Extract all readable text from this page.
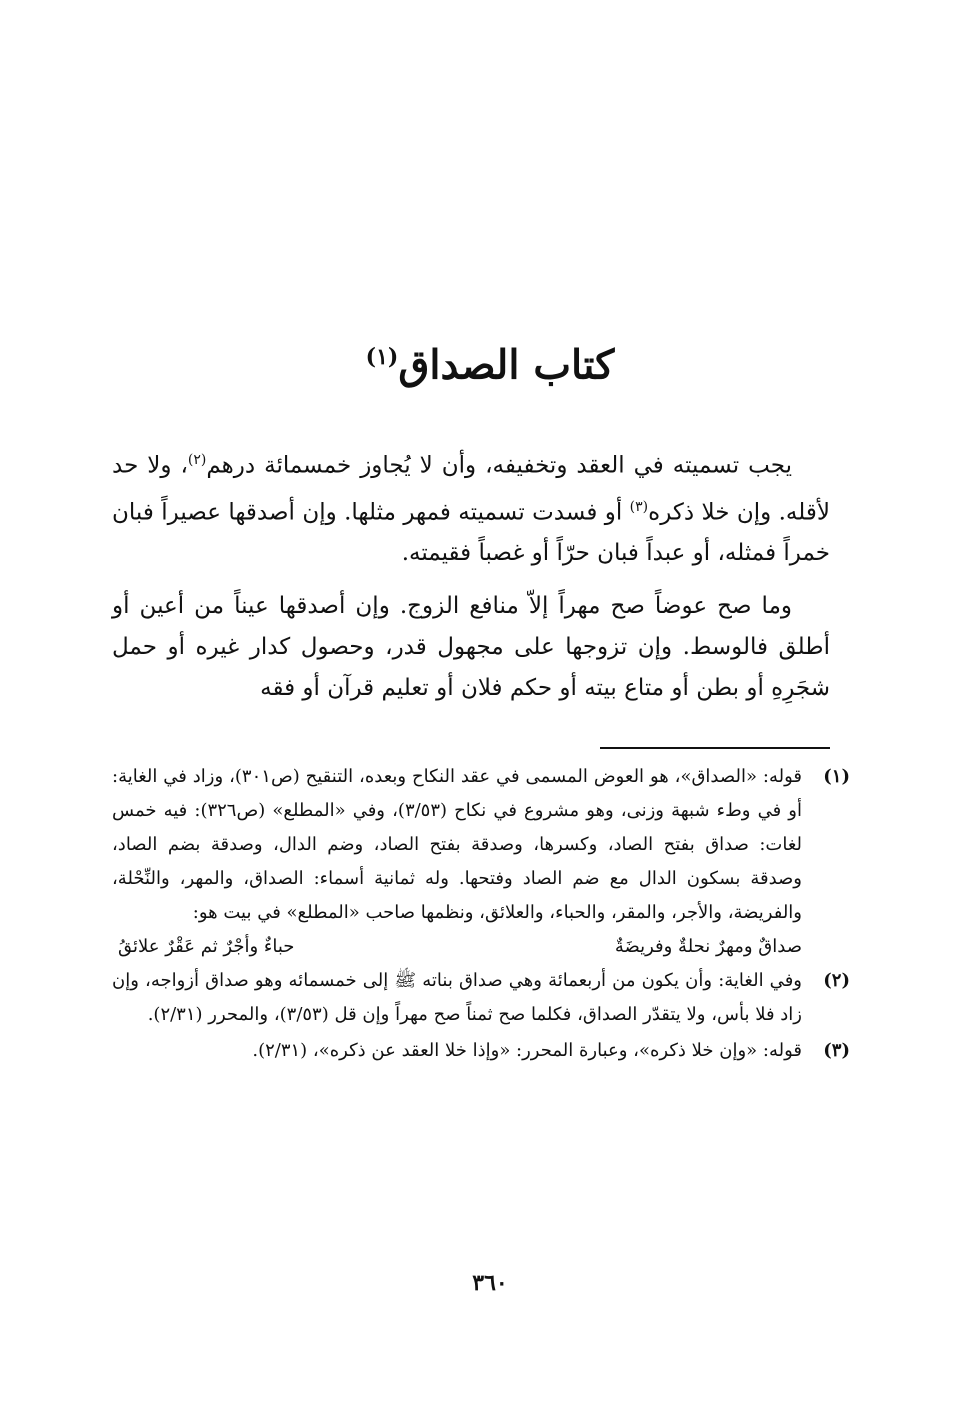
كتاب الصداق$^{(١)}$

يجب تسميته في العقد وتخفيفه، وأن لا يُجاوز خمسمائة درهم$^{(٢)}$، ولا حد لأقله. وإن خلا ذكره$^{(٣)}$ أو فسدت تسميته فمهر مثلها. وإن أصدقها عصيراً فبان خمراً فمثله، أو عبداً فبان حرّاً أو غصباً فقيمته.

وما صح عوضاً صح مهراً إلاّ منافع الزوج. وإن أصدقها عيناً من أعين أو أطلق فالوسط. وإن تزوجها على مجهول قدر، وحصول كدار غيره أو حمل شجَرِهِ أو بطن أو متاع بيته أو حكم فلان أو تعليم قرآن أو فقه

(١)
قوله: «الصداق»، هو العوض المسمى في عقد النكاح وبعده، التنقيح (ص٣٠١)، وزاد في الغاية: أو في وطء شبهة وزنى، وهو مشروع في نكاح (٣/٥٣)، وفي «المطلع» (ص٣٢٦): فيه خمس لغات: صداق بفتح الصاد، وكسرها، وصدقة بفتح الصاد، وضم الدال، وصدقة بضم الصاد، وصدقة بسكون الدال مع ضم الصاد وفتحها. وله ثمانية أسماء: الصداق، والمهر، والنِّحْلة، والفريضة، والأجر، والمقر، والحباء، والعلائق، ونظمها صاحب «المطلع» في بيت هو:
صداقٌ ومهرٌ نحلةٌ وفريضَةٌ
حباءٌ وأجْرٌ ثم عَقْرٌ علائقُ
(٢)
وفي الغاية: وأن يكون من أربعمائة وهي صداق بناته ﷺ إلى خمسمائه وهو صداق أزواجه، وإن زاد فلا بأس، ولا يتقدّر الصداق، فكلما صح ثمناً صح مهراً وإن قل (٣/٥٣)، والمحرر (٢/٣١).
(٣)
قوله: «وإن خلا ذكره»، وعبارة المحرر: «وإذا خلا العقد عن ذكره»، (٢/٣١).
٣٦٠
